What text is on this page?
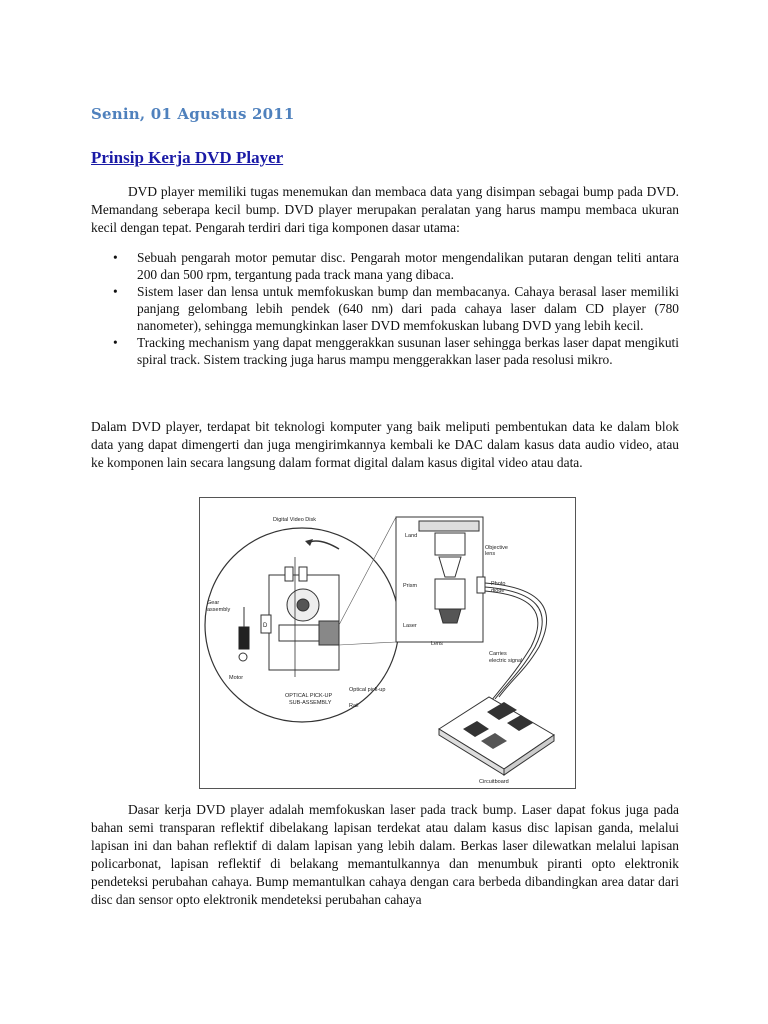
Senin, 01 Agustus 2011
Prinsip Kerja DVD Player

DVD player memiliki tugas menemukan dan membaca data yang disimpan sebagai bump pada DVD. Memandang seberapa kecil bump. DVD player merupakan peralatan yang harus mampu membaca ukuran kecil dengan tepat. Pengarah terdiri dari tiga komponen dasar utama:

• Sebuah pengarah motor pemutar disc. Pengarah motor mengendalikan putaran dengan teliti antara 200 dan 500 rpm, tergantung pada track mana yang dibaca.
• Sistem laser dan lensa untuk memfokuskan bump dan membacanya. Cahaya berasal laser memiliki panjang gelombang lebih pendek (640 nm) dari pada cahaya laser dalam CD player (780 nanometer), sehingga memungkinkan laser DVD memfokuskan lubang DVD yang lebih kecil.
• Tracking mechanism yang dapat menggerakkan susunan laser sehingga berkas laser dapat mengikuti spiral track. Sistem tracking juga harus mampu menggerakkan laser pada resolusi mikro.

Dalam DVD player, terdapat bit teknologi komputer yang baik meliputi pembentukan data ke dalam blok data yang dapat dimengerti dan juga mengirimkannya kembali ke DAC dalam kasus data audio video, atau ke komponen lain secara langsung dalam format digital dalam kasus digital video atau data.

Digital Video Disk
D
Gear
assembly
Motor
Optical pick-up
Rail
OPTICAL PICK-UP
SUB-ASSEMBLY
Land
Objective
lens
Prism	Photo
diode
Laser
Lens
Carries
electric signal
Circuitboard

Dasar kerja DVD player adalah memfokuskan laser pada track bump. Laser dapat fokus juga pada bahan semi transparan reflektif dibelakang lapisan terdekat atau dalam kasus disc lapisan ganda, melalui lapisan ini dan bahan reflektif di dalam lapisan yang lebih dalam. Berkas laser dilewatkan melalui lapisan policarbonat, lapisan reflektif di belakang memantulkannya dan menumbuk piranti opto elektronik pendeteksi perubahan cahaya. Bump memantulkan cahaya dengan cara berbeda dibandingkan area datar dari disc dan sensor opto elektronik mendeteksi perubahan cahaya
